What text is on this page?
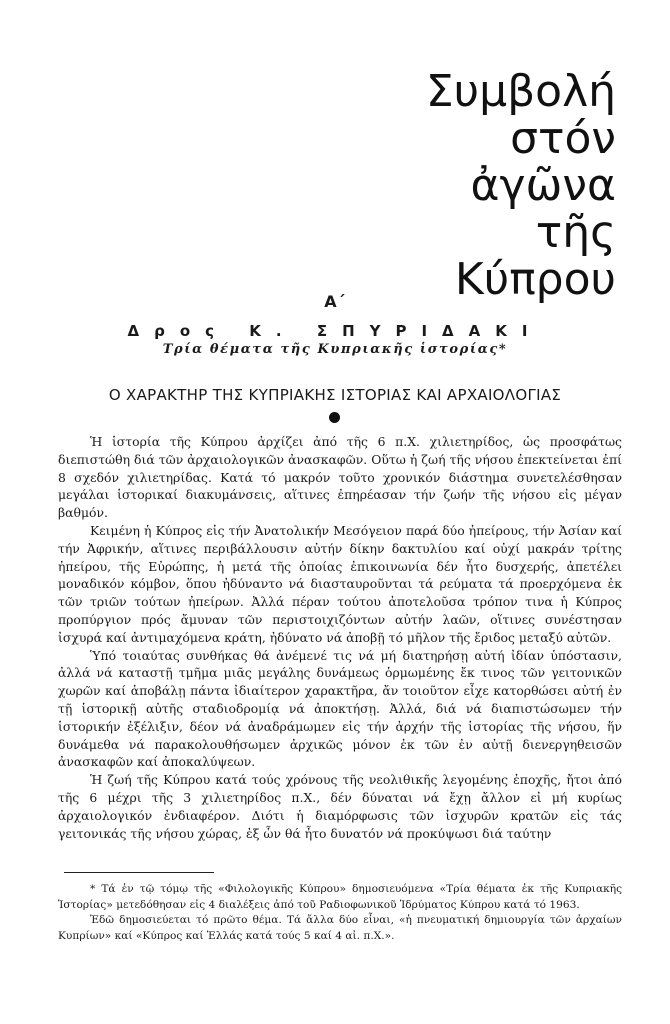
Συμβολή
στόν
ἀγῶνα
τῆς
Κύπρου
Α΄
Δρος Κ. ΣΠΥΡΙΔΑΚΙ
Τρία θέματα τῆς Κυπριακῆς ἱστορίας*
Ο ΧΑΡΑΚΤΗΡ ΤΗΣ ΚΥΠΡΙΑΚΗΣ ΙΣΤΟΡΙΑΣ ΚΑΙ ΑΡΧΑΙΟΛΟΓΙΑΣ

Ἡ ἱστορία τῆς Κύπρου ἀρχίζει ἀπό τῆς 6 π.Χ. χιλιετηρίδος, ὡς προσφάτως διεπιστώθη διά τῶν ἀρχαιολογικῶν ἀνασκαφῶν. Οὕτω ἡ ζωή τῆς νήσου ἐπεκτείνεται ἐπί 8 σχεδόν χιλιετηρίδας. Κατά τό μακρόν τοῦτο χρονικόν διάστημα συνετελέσθησαν μεγάλαι ἱστορικαί διακυμάνσεις, αἵτινες ἐπηρέασαν τήν ζωήν τῆς νήσου εἰς μέγαν βαθμόν.

Κειμένη ἡ Κύπρος εἰς τήν Ἀνατολικήν Μεσόγειον παρά δύο ἠπείρους, τήν Ἀσίαν καί τήν Ἀφρικήν, αἵτινες περιβάλλουσιν αὐτήν δίκην δακτυλίου καί οὐχί μακράν τρίτης ἠπείρου, τῆς Εὐρώπης, ἡ μετά τῆς ὁποίας ἐπικοινωνία δέν ἦτο δυσχερής, ἀπετέλει μοναδικόν κόμβον, ὅπου ἠδύναντο νά διασταυροῦνται τά ρεύματα τά προερχόμενα ἐκ τῶν τριῶν τούτων ἠπείρων. Ἀλλά πέραν τούτου ἀποτελοῦσα τρόπον τινα ἡ Κύπρος προπύργιον πρός ἄμυναν τῶν περιστοιχιζόντων αὐτήν λαῶν, οἵτινες συνέστησαν ἰσχυρά καί ἀντιμαχόμενα κράτη, ἠδύνατο νά ἀποβῇ τό μῆλον τῆς ἔριδος μεταξύ αὐτῶν.

Ὑπό τοιαύτας συνθήκας θά ἀνέμενέ τις νά μή διατηρήσῃ αὐτή ἰδίαν ὑπόστασιν, ἀλλά νά καταστῇ τμῆμα μιᾶς μεγάλης δυνάμεως ὁρμωμένης ἔκ τινος τῶν γειτονικῶν χωρῶν καί ἀποβάλῃ πάντα ἰδιαίτερον χαρακτῆρα, ἄν τοιοῦτον εἶχε κατορθώσει αὐτή ἐν τῇ ἱστορικῇ αὐτῆς σταδιοδρομίᾳ νά ἀποκτήσῃ. Ἀλλά, διά νά διαπιστώσωμεν τήν ἱστορικήν ἐξέλιξιν, δέον νά ἀναδράμωμεν εἰς τήν ἀρχήν τῆς ἱστορίας τῆς νήσου, ἥν δυνάμεθα νά παρακολουθήσωμεν ἀρχικῶς μόνον ἐκ τῶν ἐν αὐτῇ διενεργηθεισῶν ἀνασκαφῶν καί ἀποκαλύψεων.

Ἡ ζωή τῆς Κύπρου κατά τούς χρόνους τῆς νεολιθικῆς λεγομένης ἐποχῆς, ἤτοι ἀπό τῆς 6 μέχρι τῆς 3 χιλιετηρίδος π.Χ., δέν δύναται νά ἔχῃ ἄλλον εἰ μή κυρίως ἀρχαιολογικόν ἐνδιαφέρον. Διότι ἡ διαμόρφωσις τῶν ἰσχυρῶν κρατῶν εἰς τάς γειτονικάς τῆς νήσου χώρας, ἐξ ὧν θά ἦτο δυνατόν νά προκύψωσι διά ταύτην

* Τά ἐν τῷ τόμῳ τῆς «Φιλολογικῆς Κύπρου» δημοσιευόμενα «Τρία θέματα ἐκ τῆς Κυπριακῆς Ἱστορίας» μετεδόθησαν εἰς 4 διαλέξεις ἀπό τοῦ Ραδιοφωνικοῦ Ἱδρύματος Κύπρου κατά τό 1963.

Ἐδῶ δημοσιεύεται τό πρῶτο θέμα. Τά ἄλλα δύο εἶναι, «ἡ πνευματική δημιουργία τῶν ἀρχαίων Κυπρίων» καί «Κύπρος καί Ἑλλάς κατά τούς 5 καί 4 αἰ. π.Χ.».
